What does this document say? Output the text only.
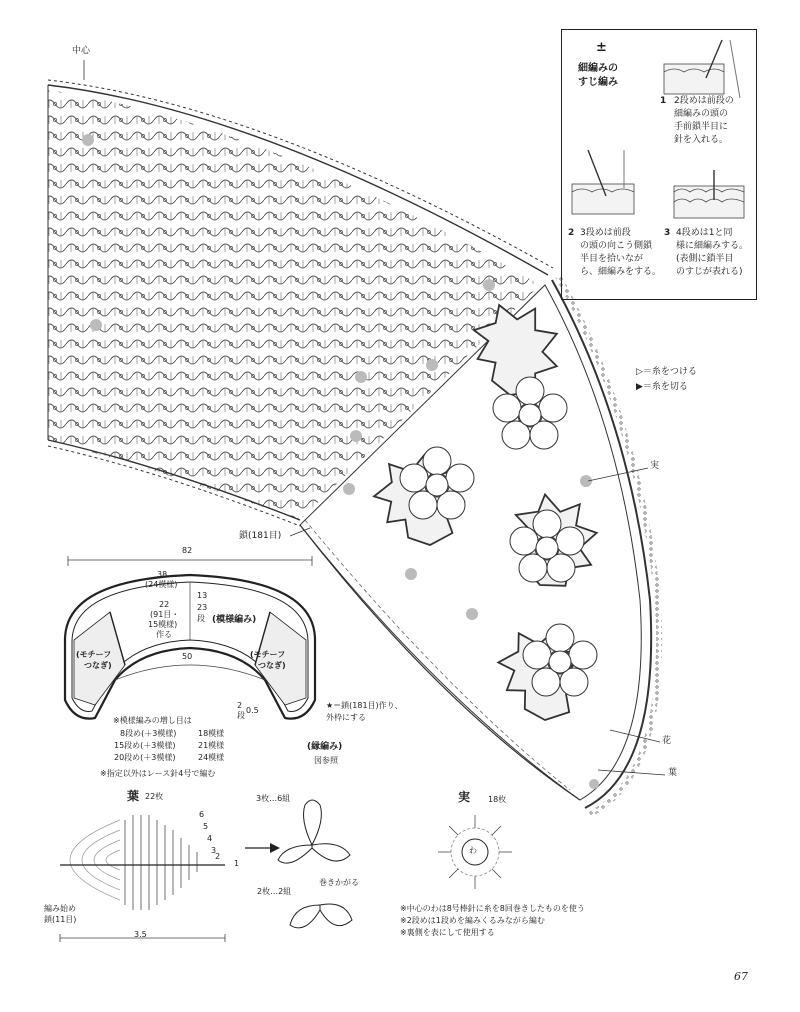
±
細編みの
すじ編み
1 2段めは前段の
細編みの頭の
手前鎖半目に
針を入れる。
2 3段めは前段
の頭の向こう側鎖
半目を拾いなが
ら、細編みをする。
3 4段めは1と同
様に細編みする。
(表側に鎖半目
のすじが表れる)
中心
鎖(181目)
実
花
葉
▷＝糸をつける
▶＝糸を切る
82
38
(24模様)
13
23
段
22
(91目・
15模様)
作る
(模様編み)
(モチーフ
つなぎ)
(モチーフ
つなぎ)
50
2
段
0.5
★＝鎖(181目)作り、
外枠にする
(縁編み)
図参照
※模様編みの増し目は
8段め(＋3模様)	18模様
15段め(＋3模様)	21模様
20段め(＋3模様)	24模様
※指定以外はレース針4号で編む
葉 22枚
6
5
4
3
2
1
編み始め
鎖(11目)
3.5
3枚…6組
2枚…2組
巻きかがる
実 18枚
わ
※中心のわは8号棒針に糸を8回巻きしたものを使う
※2段めは1段めを編みくるみながら編む
※裏側を表にして使用する
67
